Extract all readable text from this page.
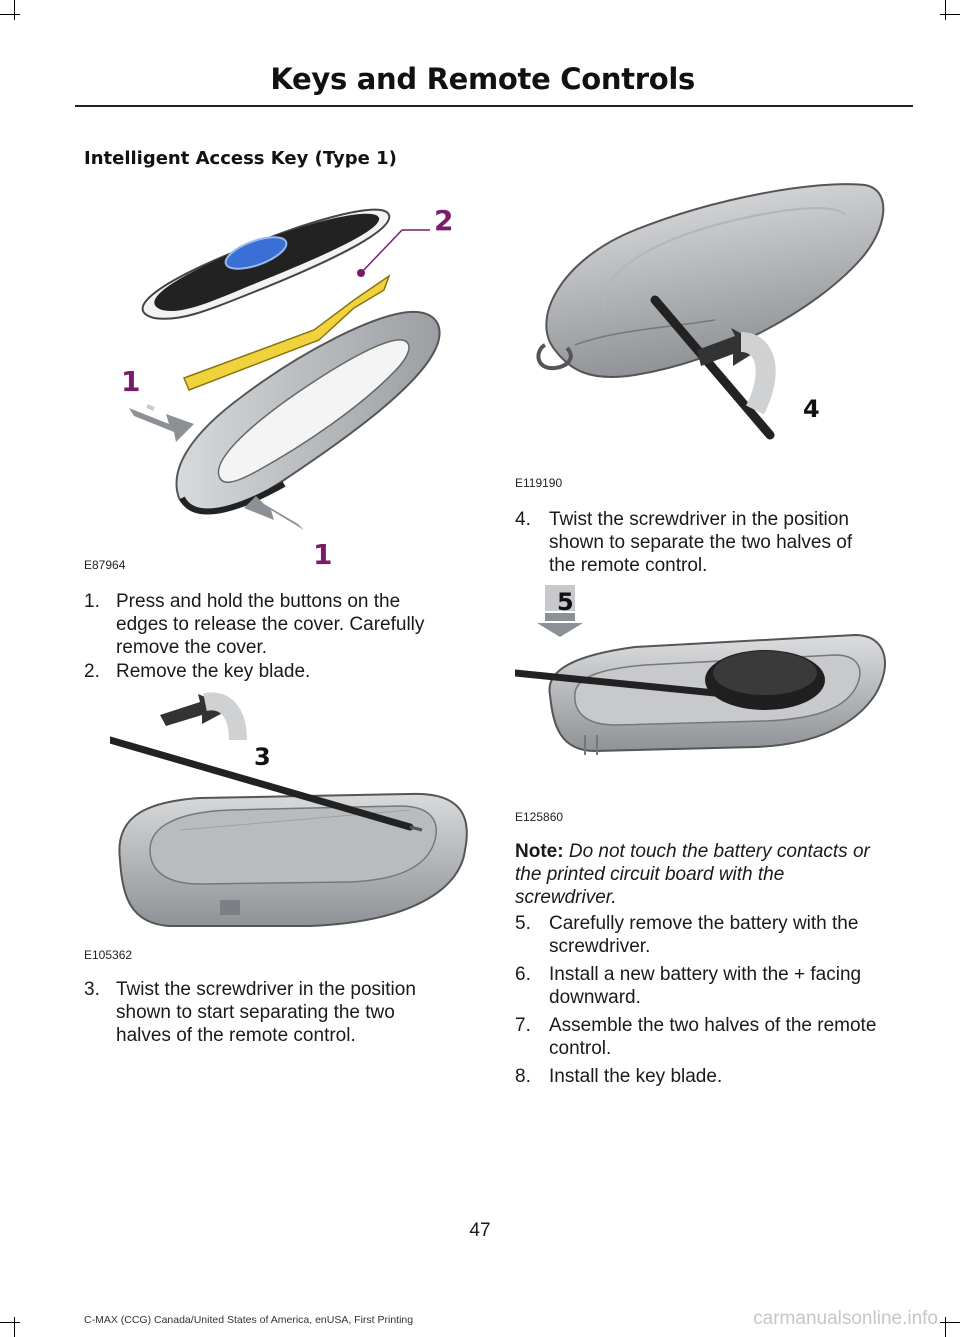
Keys and Remote Controls
Intelligent Access Key (Type 1)
2
1
1
E87964
1. Press and hold the buttons on the
edges to release the cover. Carefully
remove the cover.
2. Remove the key blade.
3
E105362
3. Twist the screwdriver in the position
shown to start separating the two
halves of the remote control.
4
E119190
4. Twist the screwdriver in the position
shown to separate the two halves of
the remote control.
5
E125860
Note: Do not touch the battery contacts or
the printed circuit board with the
screwdriver.
5. Carefully remove the battery with the
screwdriver.
6. Install a new battery with the + facing
downward.
7. Assemble the two halves of the remote
control.
8. Install the key blade.
47
C-MAX (CCG) Canada/United States of America, enUSA, First Printing	carmanualsonline.info
